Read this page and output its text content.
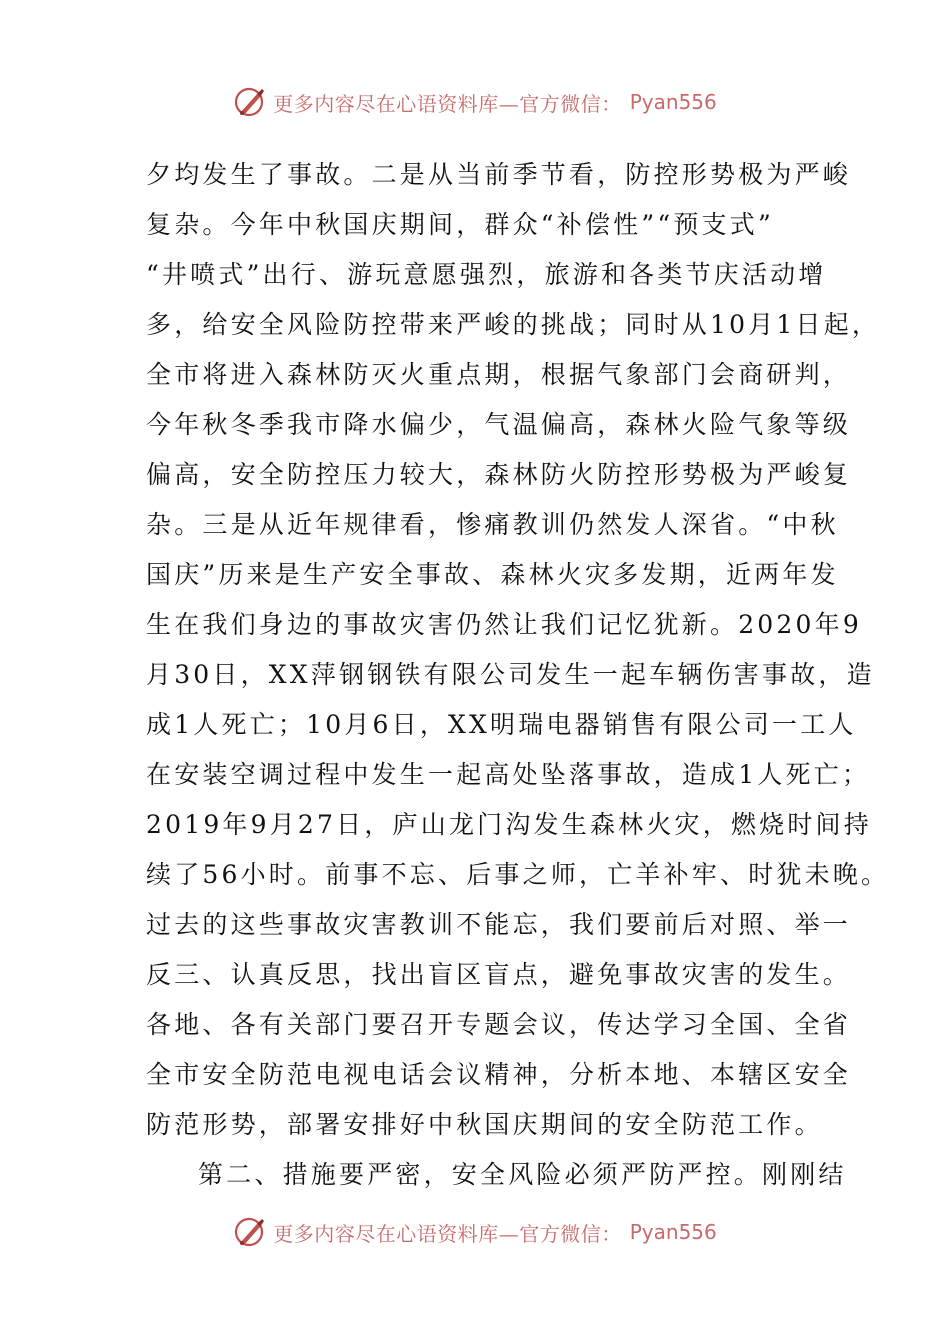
更多内容尽在心语资料库—官方微信： Pyan556
夕均发生了事故。二是从当前季节看，防控形势极为严峻
复杂。今年中秋国庆期间，群众“补偿性”“预支式”
“井喷式”出行、游玩意愿强烈，旅游和各类节庆活动增
多，给安全风险防控带来严峻的挑战；同时从10月1日起，
全市将进入森林防灭火重点期，根据气象部门会商研判，
今年秋冬季我市降水偏少，气温偏高，森林火险气象等级
偏高，安全防控压力较大，森林防火防控形势极为严峻复
杂。三是从近年规律看，惨痛教训仍然发人深省。“中秋
国庆”历来是生产安全事故、森林火灾多发期，近两年发
生在我们身边的事故灾害仍然让我们记忆犹新。2020年9
月30日，XX萍钢钢铁有限公司发生一起车辆伤害事故，造
成1人死亡；10月6日，XX明瑞电器销售有限公司一工人
在安装空调过程中发生一起高处坠落事故，造成1人死亡；
2019年9月27日，庐山龙门沟发生森林火灾，燃烧时间持
续了56小时。前事不忘、后事之师，亡羊补牢、时犹未晚。
过去的这些事故灾害教训不能忘，我们要前后对照、举一
反三、认真反思，找出盲区盲点，避免事故灾害的发生。
各地、各有关部门要召开专题会议，传达学习全国、全省
全市安全防范电视电话会议精神，分析本地、本辖区安全
防范形势，部署安排好中秋国庆期间的安全防范工作。
第二、措施要严密，安全风险必须严防严控。刚刚结
更多内容尽在心语资料库—官方微信： Pyan556
